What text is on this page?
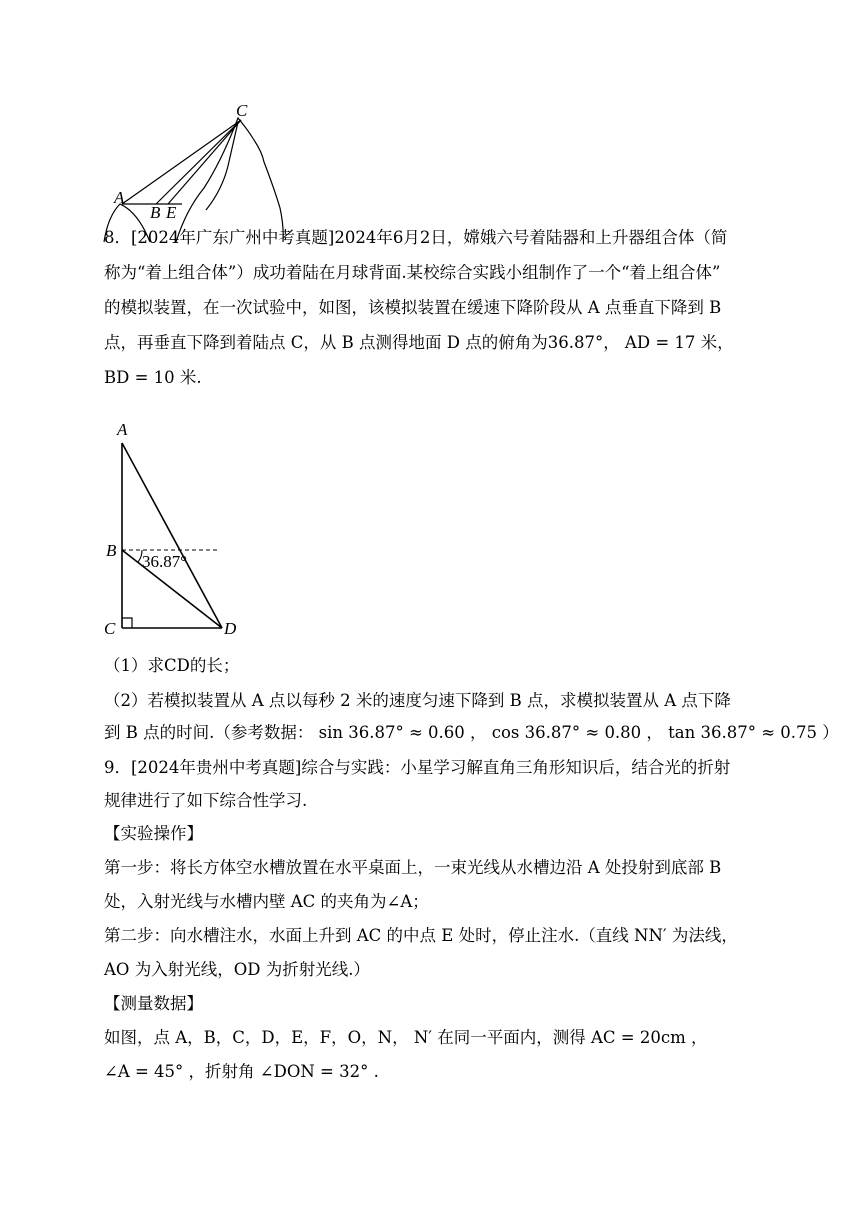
C
A
B E
8．[2024年广东广州中考真题]2024年6月2日，嫦娥六号着陆器和上升器组合体（简
称为“着上组合体”）成功着陆在月球背面.某校综合实践小组制作了一个“着上组合体”
的模拟装置，在一次试验中，如图，该模拟装置在缓速下降阶段从 A 点垂直下降到 B
点，再垂直下降到着陆点 C，从 B 点测得地面 D 点的俯角为36.87°， AD = 17 米，
BD = 10 米.
A
B
C	D
36.87°
（1）求CD的长；
（2）若模拟装置从 A 点以每秒 2 米的速度匀速下降到 B 点，求模拟装置从 A 点下降
到 B 点的时间.（参考数据： sin 36.87° ≈ 0.60 ， cos 36.87° ≈ 0.80 ， tan 36.87° ≈ 0.75 ）
9．[2024年贵州中考真题]综合与实践：小星学习解直角三角形知识后，结合光的折射
规律进行了如下综合性学习.
【实验操作】
第一步：将长方体空水槽放置在水平桌面上，一束光线从水槽边沿 A 处投射到底部 B
处，入射光线与水槽内壁 AC 的夹角为∠A；
第二步：向水槽注水，水面上升到 AC 的中点 E 处时，停止注水.（直线 NN′ 为法线，
AO 为入射光线，OD 为折射光线.）
【测量数据】
如图，点 A，B，C，D，E，F，O，N， N′ 在同一平面内，测得 AC = 20cm ，
∠A = 45° ，折射角 ∠DON = 32° .
